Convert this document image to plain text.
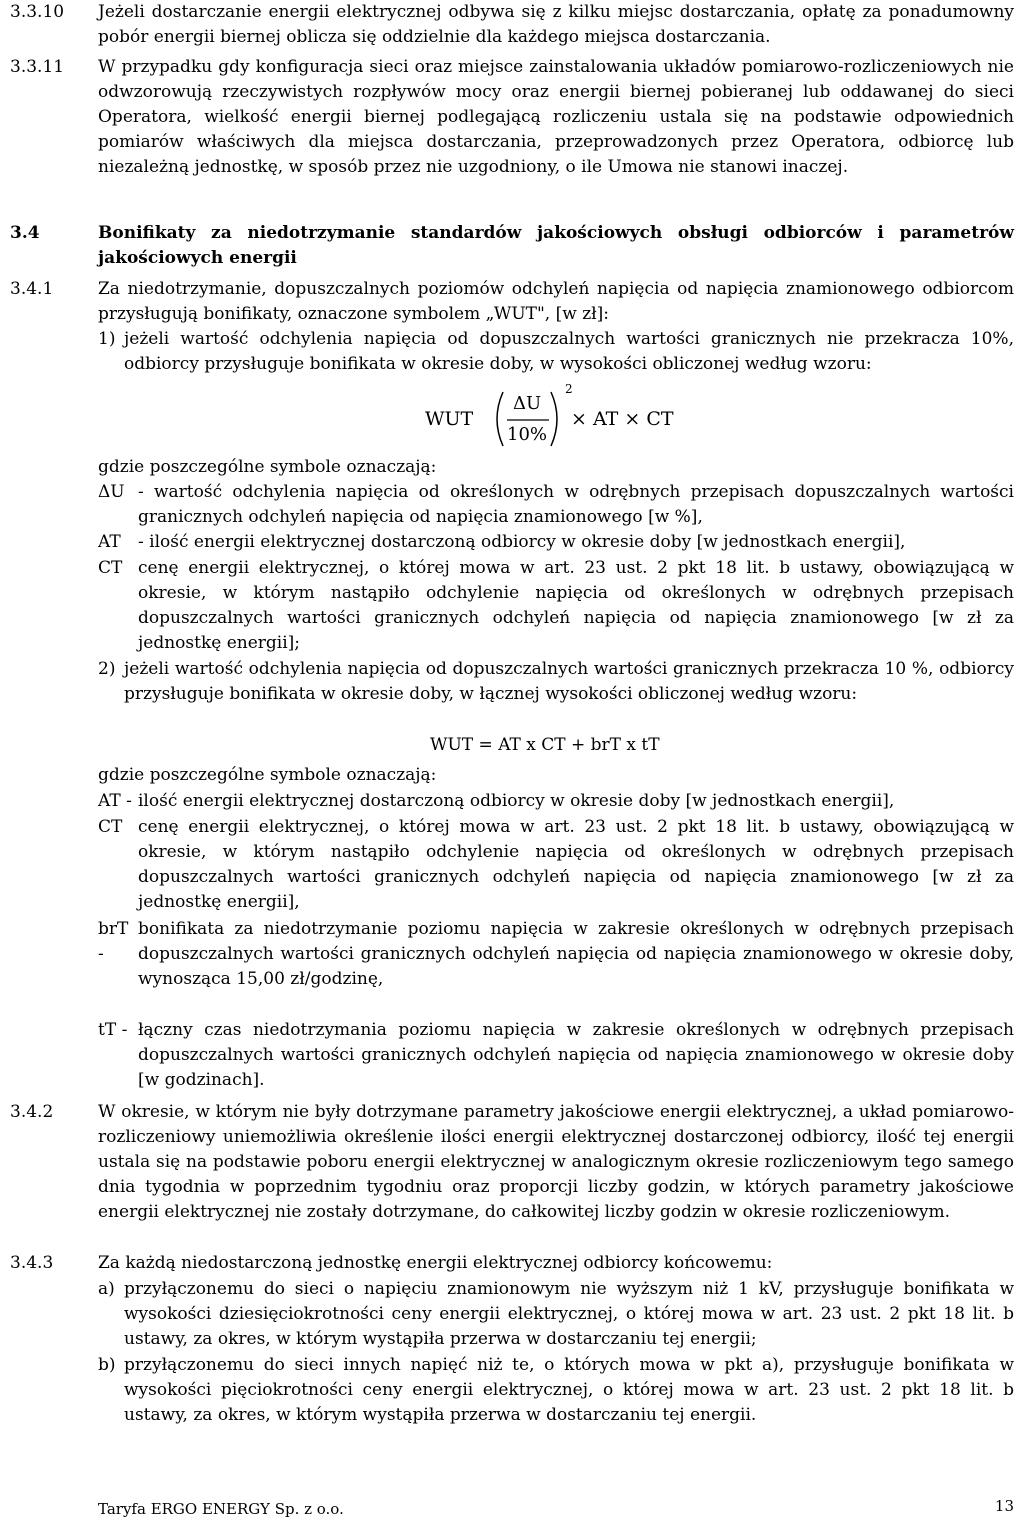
3.3.10	Jeżeli dostarczanie energii elektrycznej odbywa się z kilku miejsc dostarczania, opłatę za ponadumowny pobór energii biernej oblicza się oddzielnie dla każdego miejsca dostarczania.
3.3.11	W przypadku gdy konfiguracja sieci oraz miejsce zainstalowania układów pomiarowo-rozliczeniowych nie odwzorowują rzeczywistych rozpływów mocy oraz energii biernej pobieranej lub oddawanej do sieci Operatora, wielkość energii biernej podlegającą rozliczeniu ustala się na podstawie odpowiednich pomiarów właściwych dla miejsca dostarczania, przeprowadzonych przez Operatora, odbiorcę lub niezależną jednostkę, w sposób przez nie uzgodniony, o ile Umowa nie stanowi inaczej.
3.4	Bonifikaty za niedotrzymanie standardów jakościowych obsługi odbiorców i parametrów jakościowych energii
3.4.1	Za niedotrzymanie, dopuszczalnych poziomów odchyleń napięcia od napięcia znamionowego odbiorcom przysługują bonifikaty, oznaczone symbolem „WUT", [w zł]:
1) jeżeli wartość odchylenia napięcia od dopuszczalnych wartości granicznych nie przekracza 10%, odbiorcy przysługuje bonifikata w okresie doby, w wysokości obliczonej według wzoru:
WUT
ΔU
10%
2
× AT × CT
gdzie poszczególne symbole oznaczają:
ΔU - wartość odchylenia napięcia od określonych w odrębnych przepisach dopuszczalnych wartości granicznych odchyleń napięcia od napięcia znamionowego [w %],
AT	- ilość energii elektrycznej dostarczoną odbiorcy w okresie doby [w jednostkach energii],
CT cenę energii elektrycznej, o której mowa w art. 23 ust. 2 pkt 18 lit. b ustawy, obowiązującą w okresie, w którym nastąpiło odchylenie napięcia od określonych w odrębnych przepisach dopuszczalnych wartości granicznych odchyleń napięcia od napięcia znamionowego [w zł za jednostkę energii];
2) jeżeli wartość odchylenia napięcia od dopuszczalnych wartości granicznych przekracza 10 %, odbiorcy przysługuje bonifikata w okresie doby, w łącznej wysokości obliczonej według wzoru:
WUT = AT x CT + brT x tT
gdzie poszczególne symbole oznaczają:
AT - ilość energii elektrycznej dostarczoną odbiorcy w okresie doby [w jednostkach energii],
CT cenę energii elektrycznej, o której mowa w art. 23 ust. 2 pkt 18 lit. b ustawy, obowiązującą w okresie, w którym nastąpiło odchylenie napięcia od określonych w odrębnych przepisach dopuszczalnych wartości granicznych odchyleń napięcia od napięcia znamionowego [w zł za jednostkę energii],
brT -
bonifikata za niedotrzymanie poziomu napięcia w zakresie określonych w odrębnych przepisach dopuszczalnych wartości granicznych odchyleń napięcia od napięcia znamionowego w okresie doby, wynosząca 15,00 zł/godzinę,
tT - łączny czas niedotrzymania poziomu napięcia w zakresie określonych w odrębnych przepisach dopuszczalnych wartości granicznych odchyleń napięcia od napięcia znamionowego w okresie doby [w godzinach].
3.4.2	W okresie, w którym nie były dotrzymane parametry jakościowe energii elektrycznej, a układ pomiarowo-rozliczeniowy uniemożliwia określenie ilości energii elektrycznej dostarczonej odbiorcy, ilość tej energii ustala się na podstawie poboru energii elektrycznej w analogicznym okresie rozliczeniowym tego samego dnia tygodnia w poprzednim tygodniu oraz proporcji liczby godzin, w których parametry jakościowe energii elektrycznej nie zostały dotrzymane, do całkowitej liczby godzin w okresie rozliczeniowym.
3.4.3	Za każdą niedostarczoną jednostkę energii elektrycznej odbiorcy końcowemu:
a) przyłączonemu do sieci o napięciu znamionowym nie wyższym niż 1 kV, przysługuje bonifikata w wysokości dziesięciokrotności ceny energii elektrycznej, o której mowa w art. 23 ust. 2 pkt 18 lit. b ustawy, za okres, w którym wystąpiła przerwa w dostarczaniu tej energii;
b) przyłączonemu do sieci innych napięć niż te, o których mowa w pkt a), przysługuje bonifikata w wysokości pięciokrotności ceny energii elektrycznej, o której mowa w art. 23 ust. 2 pkt 18 lit. b ustawy, za okres, w którym wystąpiła przerwa w dostarczaniu tej energii.
Taryfa ERGO ENERGY Sp. z o.o.	13
